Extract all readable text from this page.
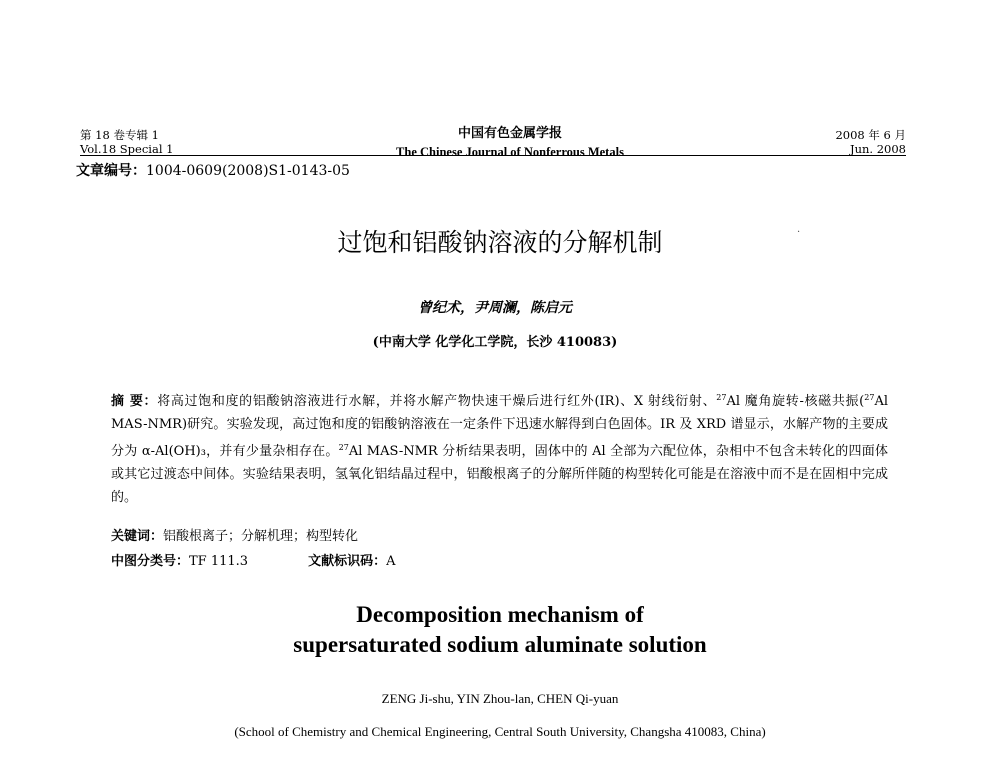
第 18 卷专辑 1
Vol.18 Special 1
中国有色金属学报
The Chinese Journal of Nonferrous Metals
2008 年 6 月
Jun. 2008
文章编号：1004-0609(2008)S1-0143-05
过饱和铝酸钠溶液的分解机制	·
曾纪术，尹周澜，陈启元
(中南大学 化学化工学院，长沙 410083)
摘 要：将高过饱和度的铝酸钠溶液进行水解，并将水解产物快速干燥后进行红外(IR)、X 射线衍射、$^{27}$Al 魔角旋转-核磁共振($^{27}$Al MAS-NMR)研究。实验发现，高过饱和度的铝酸钠溶液在一定条件下迅速水解得到白色固体。IR 及 XRD 谱显示，水解产物的主要成分为 α-Al(OH)₃，并有少量杂相存在。$^{27}$Al MAS-NMR 分析结果表明，固体中的 Al 全部为六配位体，杂相中不包含未转化的四面体或其它过渡态中间体。实验结果表明，氢氧化铝结晶过程中，铝酸根离子的分解所伴随的构型转化可能是在溶液中而不是在固相中完成的。
关键词：铝酸根离子；分解机理；构型转化
中图分类号：TF 111.3	文献标识码：A
Decomposition mechanism of
supersaturated sodium aluminate solution
ZENG Ji-shu, YIN Zhou-lan, CHEN Qi-yuan
(School of Chemistry and Chemical Engineering, Central South University, Changsha 410083, China)
